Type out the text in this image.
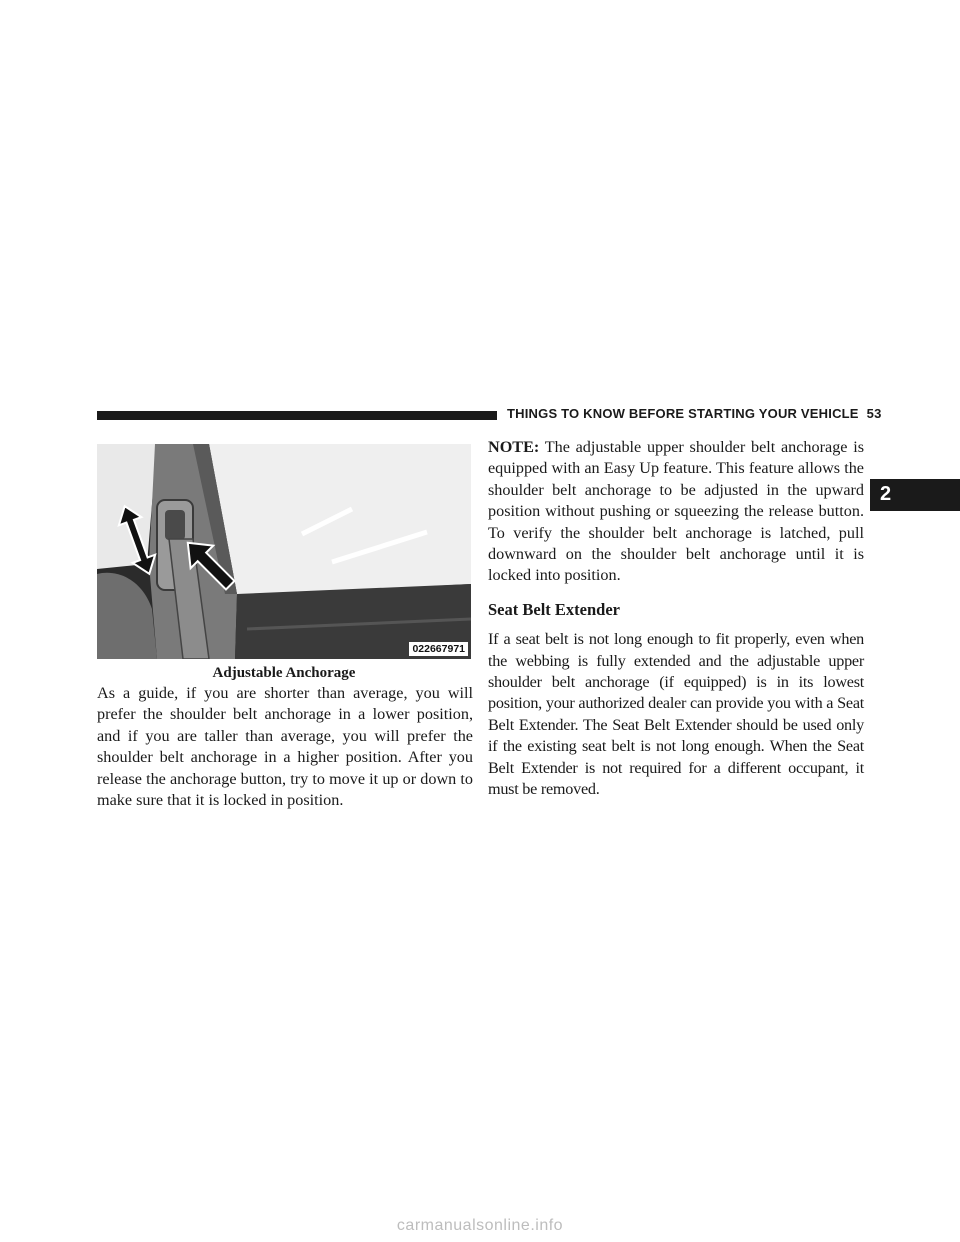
THINGS TO KNOW BEFORE STARTING YOUR VEHICLE 53
2
022667971
Adjustable Anchorage

As a guide, if you are shorter than average, you will prefer the shoulder belt anchorage in a lower position, and if you are taller than average, you will prefer the shoulder belt anchorage in a higher position. After you release the anchorage button, try to move it up or down to make sure that it is locked in position.

NOTE: The adjustable upper shoulder belt anchorage is equipped with an Easy Up feature. This feature allows the shoulder belt anchorage to be adjusted in the upward position without pushing or squeezing the release button. To verify the shoulder belt anchorage is latched, pull downward on the shoulder belt anchorage until it is locked into position.

Seat Belt Extender

If a seat belt is not long enough to fit properly, even when the webbing is fully extended and the adjustable upper shoulder belt anchorage (if equipped) is in its lowest position, your authorized dealer can provide you with a Seat Belt Extender. The Seat Belt Extender should be used only if the existing seat belt is not long enough. When the Seat Belt Extender is not required for a different occupant, it must be removed.

carmanualsonline.info
